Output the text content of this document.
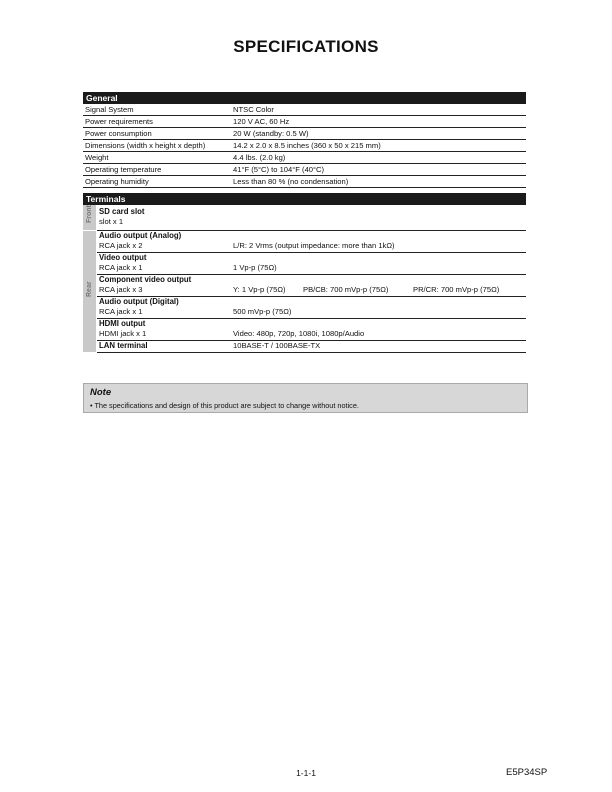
SPECIFICATIONS
General
Signal System	NTSC Color
Power requirements	120 V AC, 60 Hz
Power consumption	20 W (standby: 0.5 W)
Dimensions (width x height x depth)	14.2 x 2.0 x 8.5 inches (360 x 50 x 215 mm)
Weight	4.4 lbs. (2.0 kg)
Operating temperature	41°F (5°C) to 104°F (40°C)
Operating humidity	Less than 80 % (no condensation)
Terminals
Front
Rear
SD card slot
slot x 1
Audio output (Analog)
RCA jack x 2	L/R: 2 Vrms (output impedance: more than 1kΩ)
Video output
RCA jack x 1	1 Vp-p (75Ω)
Component video output
RCA jack x 3	Y: 1 Vp-p (75Ω) PB/CB: 700 mVp-p (75Ω)	PR/CR: 700 mVp-p (75Ω)
Audio output (Digital)
RCA jack x 1	500 mVp-p (75Ω)
HDMI output
HDMI jack x 1	Video: 480p, 720p, 1080i, 1080p/Audio
LAN terminal	10BASE-T / 100BASE-TX
Note
• The specifications and design of this product are subject to change without notice.
1-1-1	E5P34SP
